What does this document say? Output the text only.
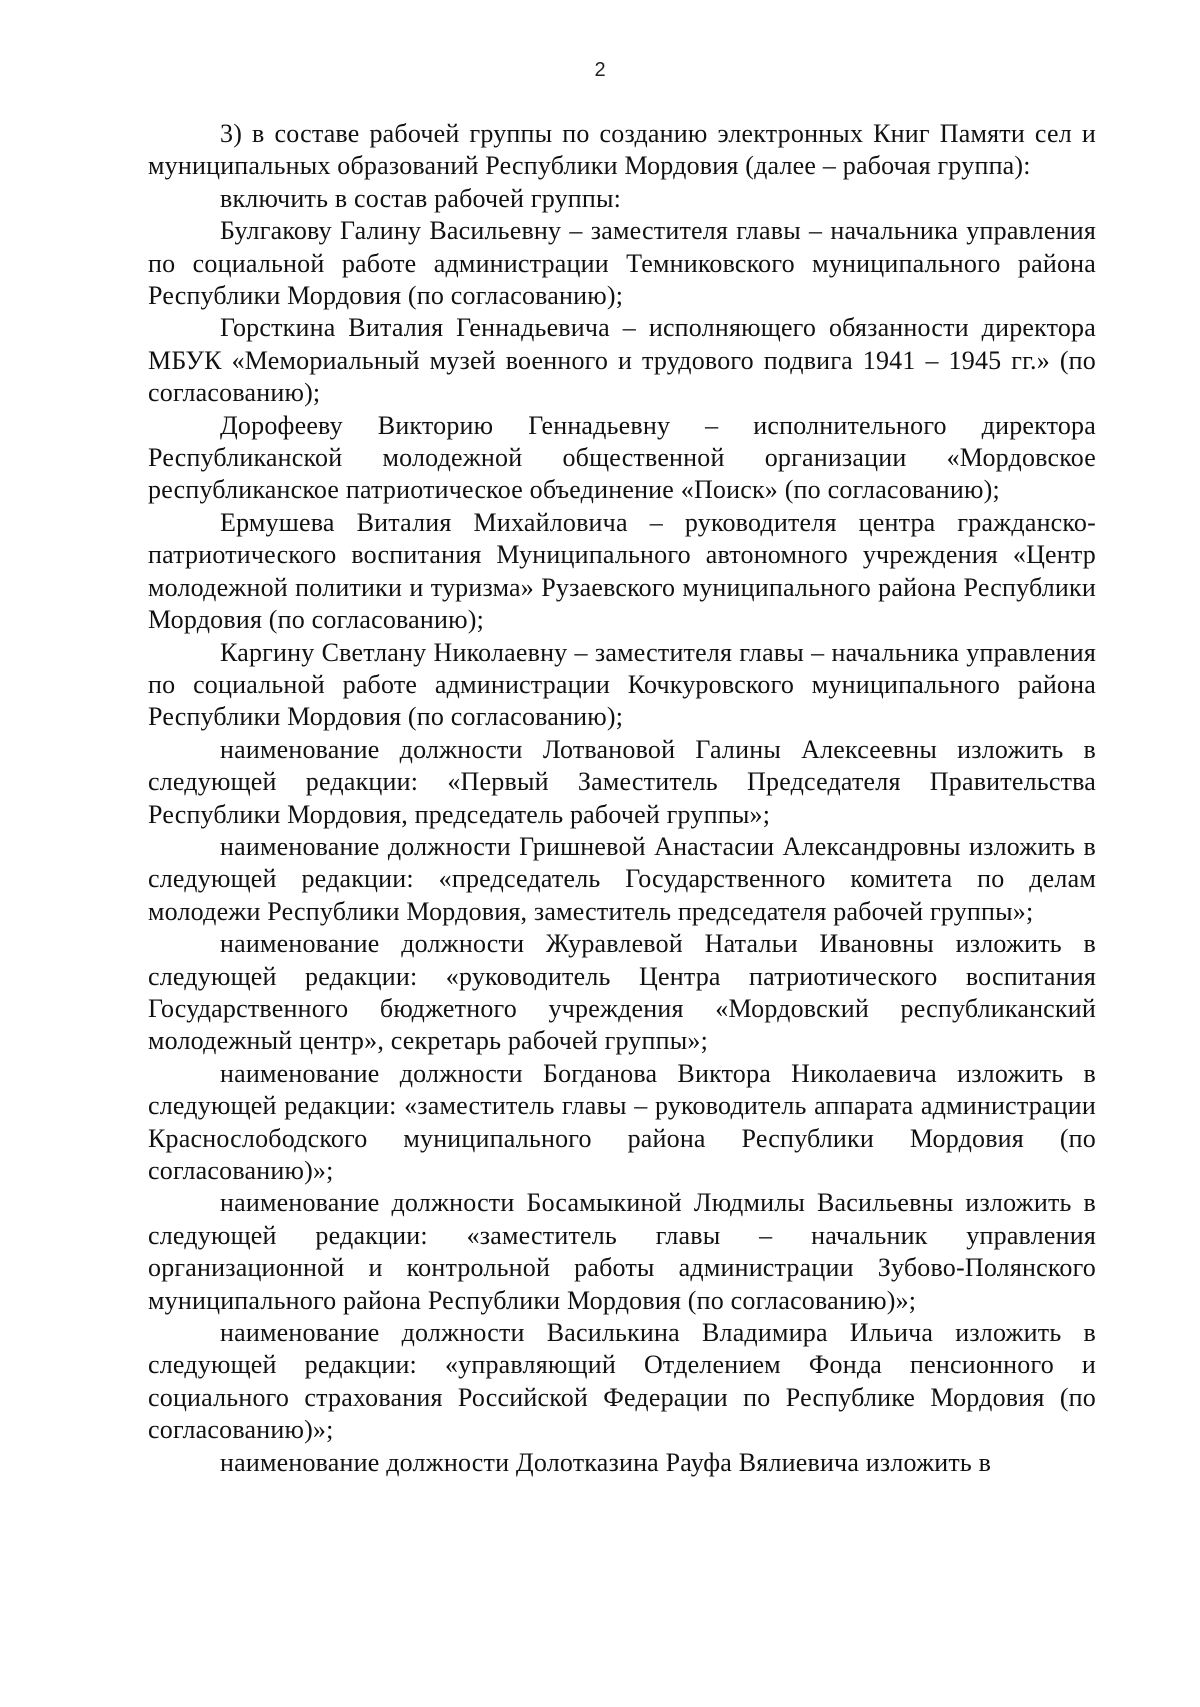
2

3) в составе рабочей группы по созданию электронных Книг Памяти сел и муниципальных образований Республики Мордовия (далее – рабочая группа):

включить в состав рабочей группы:

Булгакову Галину Васильевну – заместителя главы – начальника управления по социальной работе администрации Темниковского муниципального района Республики Мордовия (по согласованию);

Горсткина Виталия Геннадьевича – исполняющего обязанности директора МБУК «Мемориальный музей военного и трудового подвига 1941 – 1945 гг.» (по согласованию);

Дорофееву Викторию Геннадьевну – исполнительного директора Республиканской молодежной общественной организации «Мордовское республиканское патриотическое объединение «Поиск» (по согласованию);

Ермушева Виталия Михайловича – руководителя центра гражданско-патриотического воспитания Муниципального автономного учреждения «Центр молодежной политики и туризма» Рузаевского муниципального района Республики Мордовия (по согласованию);

Каргину Светлану Николаевну – заместителя главы – начальника управления по социальной работе администрации Кочкуровского муниципального района Республики Мордовия (по согласованию);

наименование должности Лотвановой Галины Алексеевны изложить в следующей редакции: «Первый Заместитель Председателя Правительства Республики Мордовия, председатель рабочей группы»;

наименование должности Гришневой Анастасии Александровны изложить в следующей редакции: «председатель Государственного комитета по делам молодежи Республики Мордовия, заместитель председателя рабочей группы»;

наименование должности Журавлевой Натальи Ивановны изложить в следующей редакции: «руководитель Центра патриотического воспитания Государственного бюджетного учреждения «Мордовский республиканский молодежный центр», секретарь рабочей группы»;

наименование должности Богданова Виктора Николаевича изложить в следующей редакции: «заместитель главы – руководитель аппарата администрации Краснослободского муниципального района Республики Мордовия (по согласованию)»;

наименование должности Босамыкиной Людмилы Васильевны изложить в следующей редакции: «заместитель главы – начальник управления организационной и контрольной работы администрации Зубово-Полянского муниципального района Республики Мордовия (по согласованию)»;

наименование должности Василькина Владимира Ильича изложить в следующей редакции: «управляющий Отделением Фонда пенсионного и социального страхования Российской Федерации по Республике Мордовия (по согласованию)»;

наименование должности Долотказина Рауфа Вялиевича изложить в
